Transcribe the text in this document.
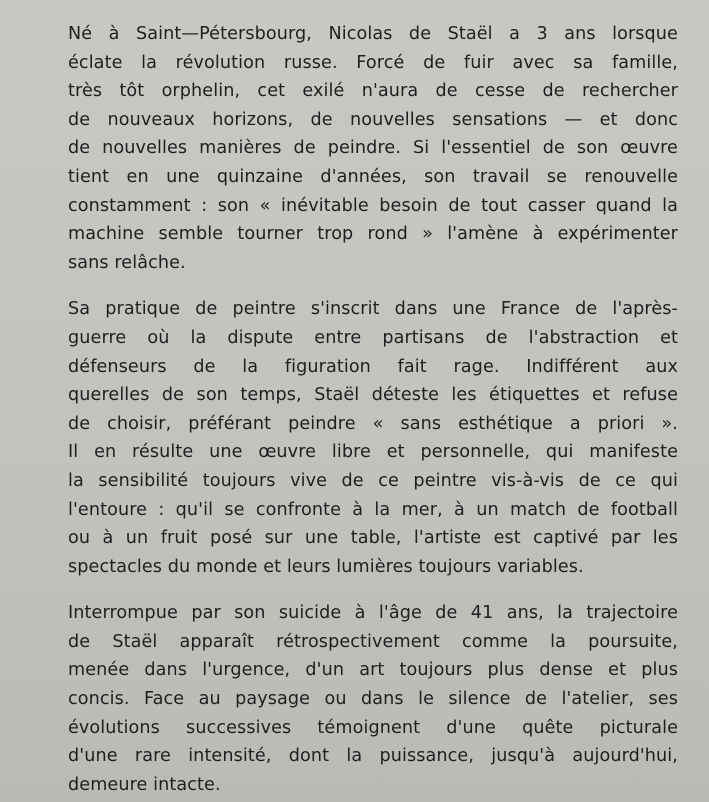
Né à Saint—Pétersbourg, Nicolas de Staël a 3 ans lorsque
éclate la révolution russe. Forcé de fuir avec sa famille,
très tôt orphelin, cet exilé n'aura de cesse de rechercher
de nouveaux horizons, de nouvelles sensations — et donc
de nouvelles manières de peindre. Si l'essentiel de son œuvre
tient en une quinzaine d'années, son travail se renouvelle
constamment : son « inévitable besoin de tout casser quand la
machine semble tourner trop rond » l'amène à expérimenter
sans relâche.
Sa pratique de peintre s'inscrit dans une France de l'après-
guerre où la dispute entre partisans de l'abstraction et
défenseurs de la figuration fait rage. Indifférent aux
querelles de son temps, Staël déteste les étiquettes et refuse
de choisir, préférant peindre « sans esthétique a priori ».
Il en résulte une œuvre libre et personnelle, qui manifeste
la sensibilité toujours vive de ce peintre vis-à-vis de ce qui
l'entoure : qu'il se confronte à la mer, à un match de football
ou à un fruit posé sur une table, l'artiste est captivé par les
spectacles du monde et leurs lumières toujours variables.
Interrompue par son suicide à l'âge de 41 ans, la trajectoire
de Staël apparaît rétrospectivement comme la poursuite,
menée dans l'urgence, d'un art toujours plus dense et plus
concis. Face au paysage ou dans le silence de l'atelier, ses
évolutions successives témoignent d'une quête picturale
d'une rare intensité, dont la puissance, jusqu'à aujourd'hui,
demeure intacte.
